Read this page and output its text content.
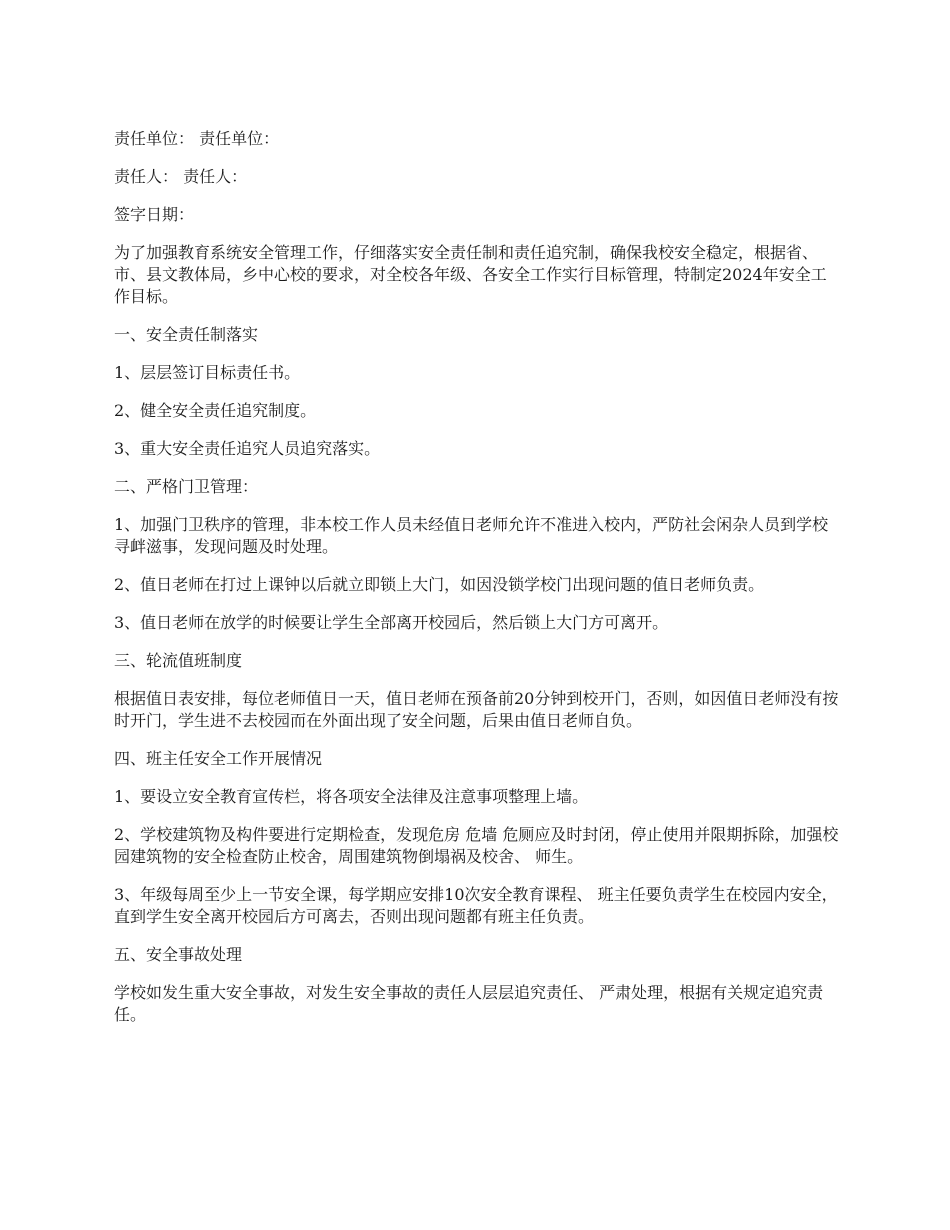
责任单位： 责任单位：

责任人： 责任人：

签字日期：

为了加强教育系统安全管理工作，仔细落实安全责任制和责任追究制，确保我校安全稳定，根据省、市、县文教体局，乡中心校的要求，对全校各年级、各安全工作实行目标管理，特制定2024年安全工作目标。

一、安全责任制落实

1、层层签订目标责任书。

2、健全安全责任追究制度。

3、重大安全责任追究人员追究落实。

二、严格门卫管理：

1、加强门卫秩序的管理，非本校工作人员未经值日老师允许不准进入校内，严防社会闲杂人员到学校寻衅滋事，发现问题及时处理。

2、值日老师在打过上课钟以后就立即锁上大门，如因没锁学校门出现问题的值日老师负责。

3、值日老师在放学的时候要让学生全部离开校园后，然后锁上大门方可离开。

三、轮流值班制度

根据值日表安排，每位老师值日一天，值日老师在预备前20分钟到校开门，否则，如因值日老师没有按时开门，学生进不去校园而在外面出现了安全问题，后果由值日老师自负。

四、班主任安全工作开展情况

1、要设立安全教育宣传栏，将各项安全法律及注意事项整理上墙。

2、学校建筑物及构件要进行定期检查，发现危房 危墙 危厕应及时封闭，停止使用并限期拆除，加强校园建筑物的安全检查防止校舍，周围建筑物倒塌祸及校舍、 师生。

3、年级每周至少上一节安全课，每学期应安排10次安全教育课程、 班主任要负责学生在校园内安全，直到学生安全离开校园后方可离去，否则出现问题都有班主任负责。

五、安全事故处理

学校如发生重大安全事故，对发生安全事故的责任人层层追究责任、 严肃处理，根据有关规定追究责任。
